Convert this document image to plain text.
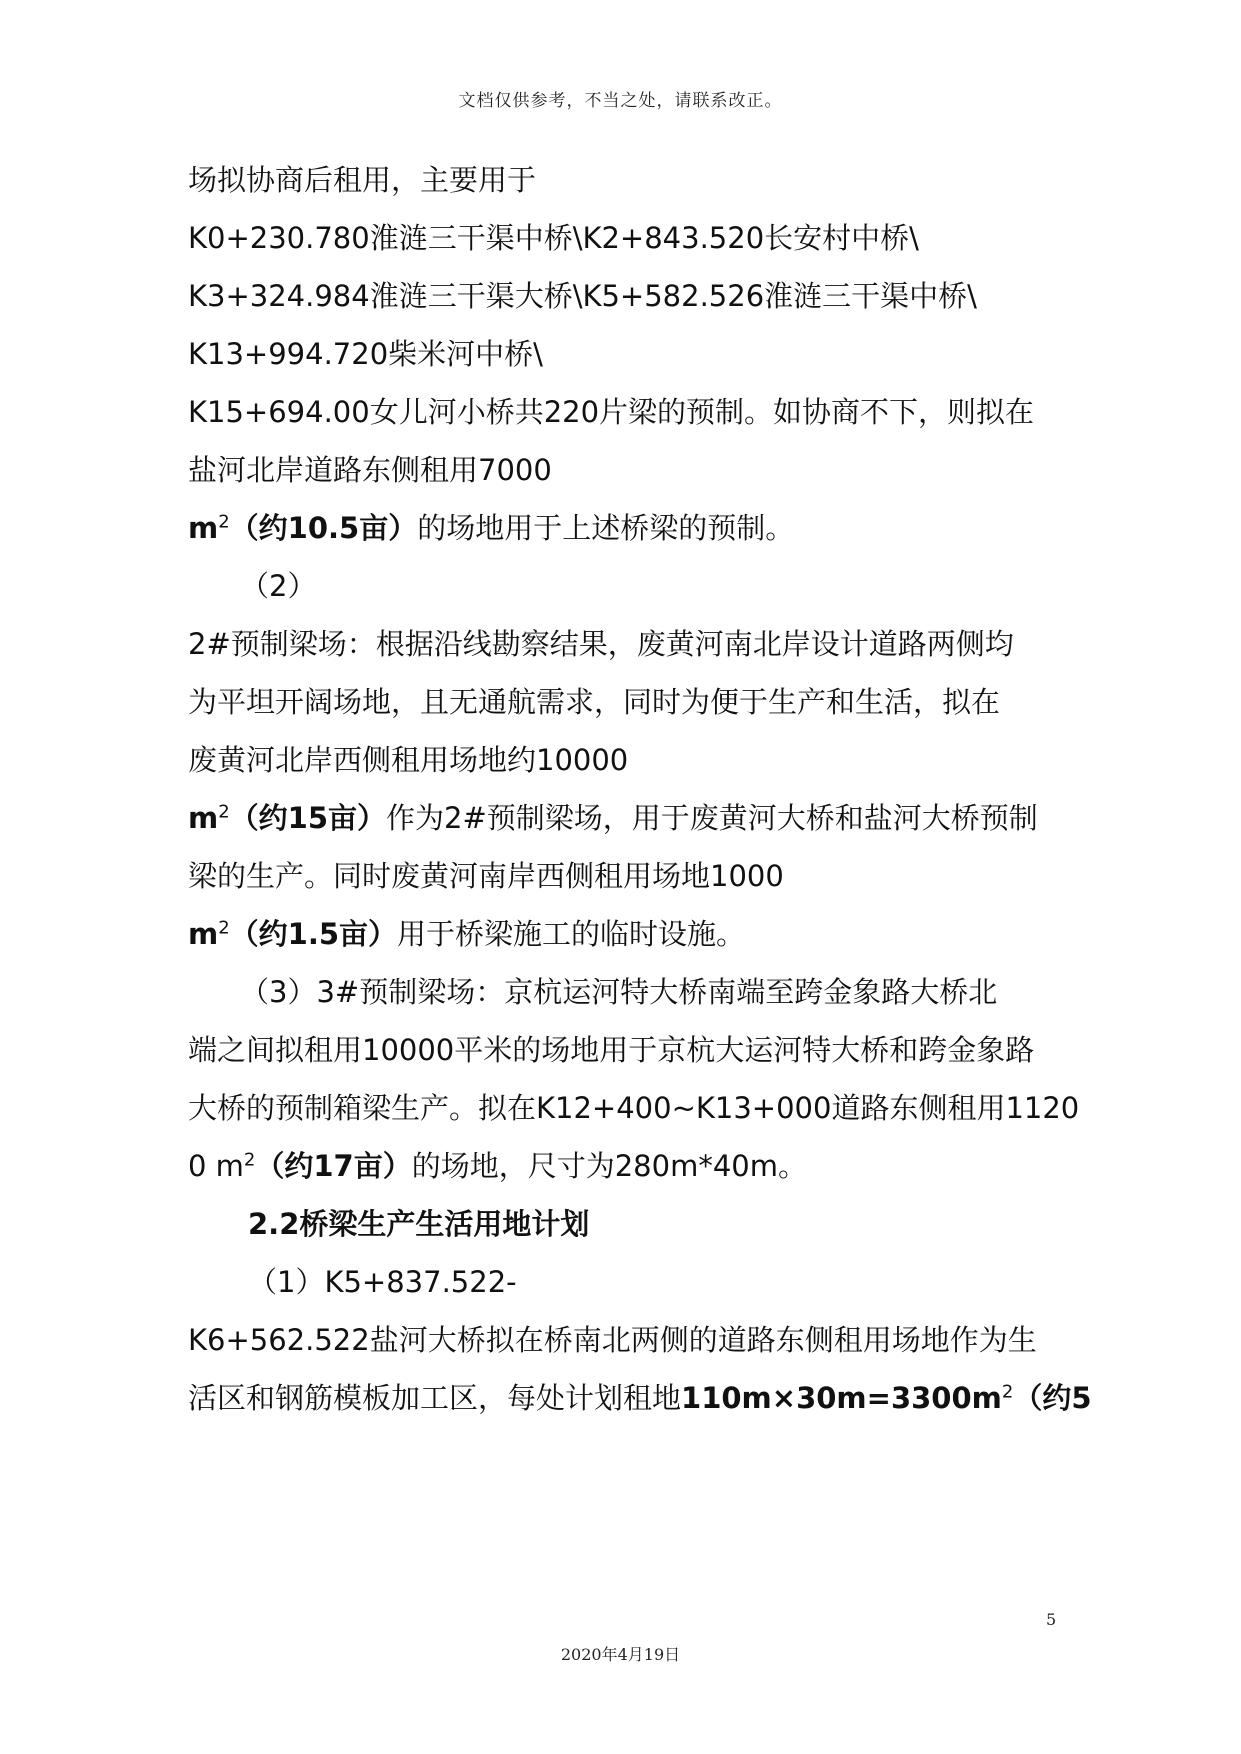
文档仅供参考，不当之处，请联系改正。
场拟协商后租用，主要用于
K0+230.780淮涟三干渠中桥\K2+843.520长安村中桥\
K3+324.984淮涟三干渠大桥\K5+582.526淮涟三干渠中桥\
K13+994.720柴米河中桥\
K15+694.00女儿河小桥共220片梁的预制。如协商不下，则拟在
盐河北岸道路东侧租用7000
$m^2$（约10.5亩）的场地用于上述桥梁的预制。
（2）
2#预制梁场：根据沿线勘察结果，废黄河南北岸设计道路两侧均
为平坦开阔场地，且无通航需求，同时为便于生产和生活，拟在
废黄河北岸西侧租用场地约10000
$m^2$（约15亩）作为2#预制梁场，用于废黄河大桥和盐河大桥预制
梁的生产。同时废黄河南岸西侧租用场地1000
$m^2$（约1.5亩）用于桥梁施工的临时设施。
（3）3#预制梁场：京杭运河特大桥南端至跨金象路大桥北
端之间拟租用10000平米的场地用于京杭大运河特大桥和跨金象路
大桥的预制箱梁生产。拟在K12+400~K13+000道路东侧租用1120
0 $m^2$（约17亩）的场地，尺寸为280m*40m。
2.2桥梁生产生活用地计划
（1）K5+837.522-
K6+562.522盐河大桥拟在桥南北两侧的道路东侧租用场地作为生
活区和钢筋模板加工区，每处计划租地$110m\times 30m=3300m^2$（约5
5
2020年4月19日
